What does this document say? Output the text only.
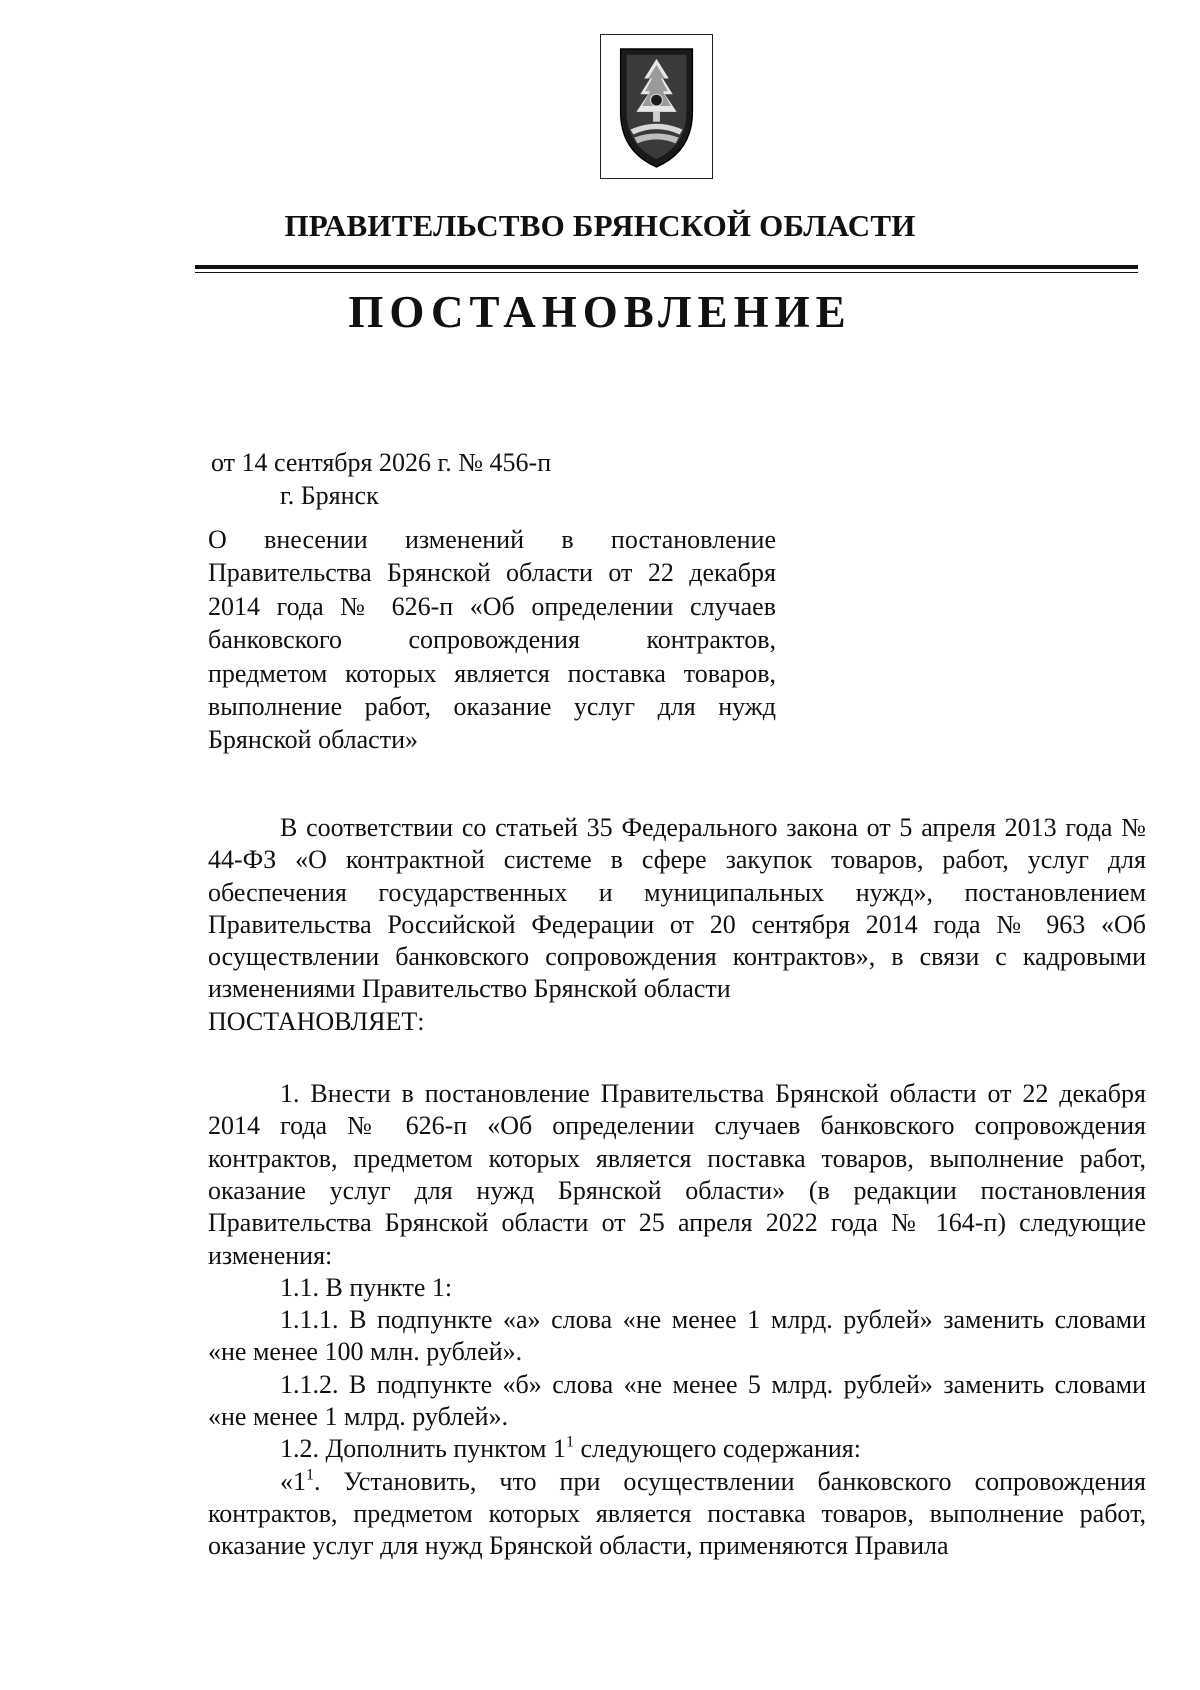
ПРАВИТЕЛЬСТВО БРЯНСКОЙ ОБЛАСТИ
ПОСТАНОВЛЕНИЕ
от 14 сентября 2026 г. № 456-п
г. Брянск
О внесении изменений в постановление Правительства Брянской области от 22 декабря 2014 года № 626-п «Об определении случаев банковского сопровождения контрактов, предметом которых является поставка товаров, выполнение работ, оказание услуг для нужд Брянской области»

В соответствии со статьей 35 Федерального закона от 5 апреля 2013 года № 44-ФЗ «О контрактной системе в сфере закупок товаров, работ, услуг для обеспечения государственных и муниципальных нужд», постановлением Правительства Российской Федерации от 20 сентября 2014 года № 963 «Об осуществлении банковского сопровождения контрактов», в связи с кадровыми изменениями Правительство Брянской области

ПОСТАНОВЛЯЕТ:

1. Внести в постановление Правительства Брянской области от 22 декабря 2014 года № 626-п «Об определении случаев банковского сопровождения контрактов, предметом которых является поставка товаров, выполнение работ, оказание услуг для нужд Брянской области» (в редакции постановления Правительства Брянской области от 25 апреля 2022 года № 164-п) следующие изменения:

1.1. В пункте 1:

1.1.1. В подпункте «а» слова «не менее 1 млрд. рублей» заменить словами «не менее 100 млн. рублей».

1.1.2. В подпункте «б» слова «не менее 5 млрд. рублей» заменить словами «не менее 1 млрд. рублей».

1.2. Дополнить пунктом $1^1$ следующего содержания:

«$1^1$. Установить, что при осуществлении банковского сопровождения контрактов, предметом которых является поставка товаров, выполнение работ, оказание услуг для нужд Брянской области, применяются Правила
